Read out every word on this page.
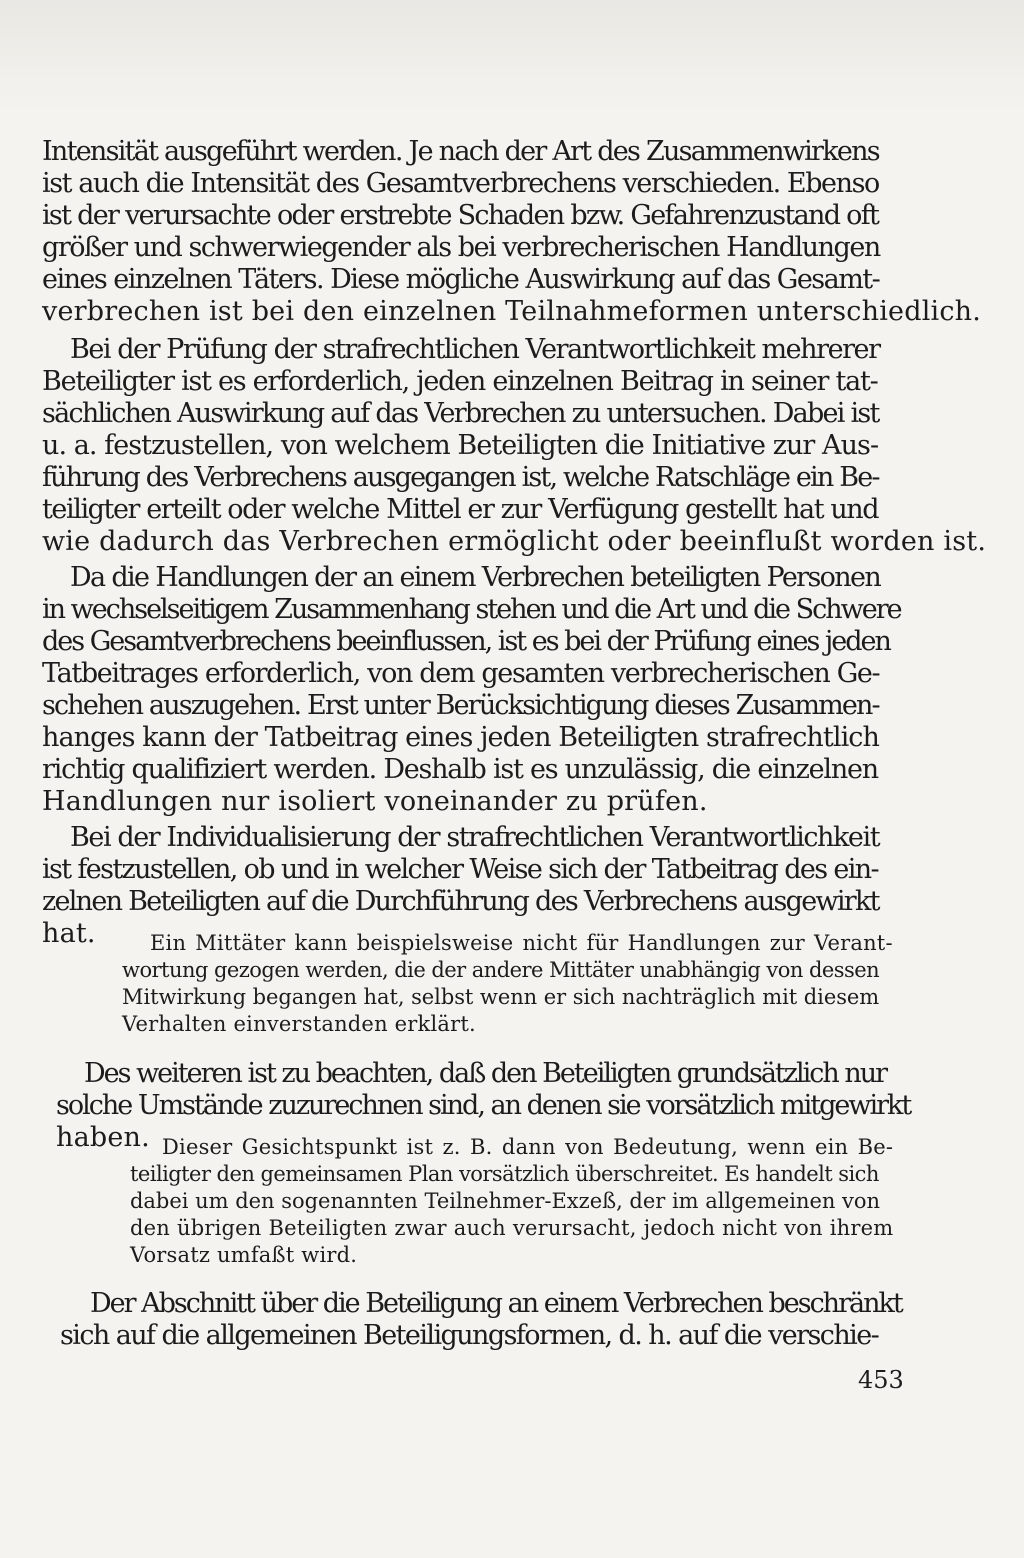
Intensität ausgeführt werden. Je nach der Art des Zusammenwirkens
ist auch die Intensität des Gesamtverbrechens verschieden. Ebenso
ist der verursachte oder erstrebte Schaden bzw. Gefahrenzustand oft
größer und schwerwiegender als bei verbrecherischen Handlungen
eines einzelnen Täters. Diese mögliche Auswirkung auf das Gesamt-
verbrechen ist bei den einzelnen Teilnahmeformen unterschiedlich.
Bei der Prüfung der strafrechtlichen Verantwortlichkeit mehrerer
Beteiligter ist es erforderlich, jeden einzelnen Beitrag in seiner tat-
sächlichen Auswirkung auf das Verbrechen zu untersuchen. Dabei ist
u. a. festzustellen, von welchem Beteiligten die Initiative zur Aus-
führung des Verbrechens ausgegangen ist, welche Ratschläge ein Be-
teiligter erteilt oder welche Mittel er zur Verfügung gestellt hat und
wie dadurch das Verbrechen ermöglicht oder beeinflußt worden ist.
Da die Handlungen der an einem Verbrechen beteiligten Personen
in wechselseitigem Zusammenhang stehen und die Art und die Schwere
des Gesamtverbrechens beeinflussen, ist es bei der Prüfung eines jeden
Tatbeitrages erforderlich, von dem gesamten verbrecherischen Ge-
schehen auszugehen. Erst unter Berücksichtigung dieses Zusammen-
hanges kann der Tatbeitrag eines jeden Beteiligten strafrechtlich
richtig qualifiziert werden. Deshalb ist es unzulässig, die einzelnen
Handlungen nur isoliert voneinander zu prüfen.
Bei der Individualisierung der strafrechtlichen Verantwortlichkeit
ist festzustellen, ob und in welcher Weise sich der Tatbeitrag des ein-
zelnen Beteiligten auf die Durchführung des Verbrechens ausgewirkt
hat.	Ein Mittäter kann beispielsweise nicht für Handlungen zur Verant-
wortung gezogen werden, die der andere Mittäter unabhängig von dessen
Mitwirkung begangen hat, selbst wenn er sich nachträglich mit diesem
Verhalten einverstanden erklärt.
Des weiteren ist zu beachten, daß den Beteiligten grundsätzlich nur
solche Umstände zuzurechnen sind, an denen sie vorsätzlich mitgewirkt
haben. Dieser Gesichtspunkt ist z. B. dann von Bedeutung, wenn ein Be-
teiligter den gemeinsamen Plan vorsätzlich überschreitet. Es handelt sich
dabei um den sogenannten Teilnehmer-Exzeß, der im allgemeinen von
den übrigen Beteiligten zwar auch verursacht, jedoch nicht von ihrem
Vorsatz umfaßt wird.
Der Abschnitt über die Beteiligung an einem Verbrechen beschränkt
sich auf die allgemeinen Beteiligungsformen, d. h. auf die verschie-
453
